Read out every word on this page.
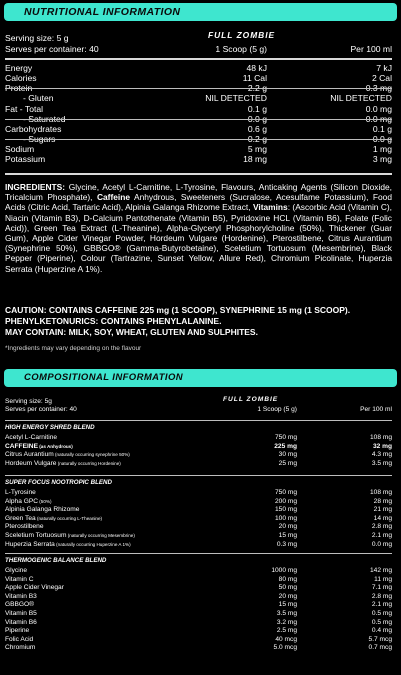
NUTRITIONAL INFORMATION
Serving size: 5 g	FULL ZOMBIE
Serves per container: 40	1 Scoop (5 g)	Per 100 ml
Energy	48 kJ	7 kJ
Calories	11 Cal	2 Cal
Protein	2.2 g	0.3 mg
- Gluten	NIL DETECTED	NIL DETECTED
Fat - Total	0.1 g	0.0 mg
- Saturated	0.0 g	0.0 mg
Carbohydrates	0.6 g	0.1 g
- Sugars	0.2 g	0.0 g
Sodium	5 mg	1 mg
Potassium	18 mg	3 mg
INGREDIENTS: Glycine, Acetyl L-Carnitine, L-Tyrosine, Flavours, Anticaking Agents (Silicon Dioxide, Tricalcium Phosphate), Caffeine Anhydrous, Sweeteners (Sucralose, Acesulfame Potassium), Food Acids (Citric Acid, Tartaric Acid), Alpinia Galanga Rhizome Extract, Vitamins: (Ascorbic Acid (Vitamin C), Niacin (Vitamin B3), D-Calcium Pantothenate (Vitamin B5), Pyridoxine HCL (Vitamin B6), Folate (Folic Acid)), Green Tea Extract (L-Theanine), Alpha-Glyceryl Phosphorylcholine (50%), Thickener (Guar Gum), Apple Cider Vinegar Powder, Hordeum Vulgare (Hordenine), Pterostilbene, Citrus Aurantium (Synephrine 50%), GBBGO® (Gamma-Butyrobetaine), Sceletium Tortuosum (Mesembrine), Black Pepper (Piperine), Colour (Tartrazine, Sunset Yellow, Allure Red), Chromium Picolinate, Huperzia Serrata (Huperzine A 1%).
CAUTION: CONTAINS CAFFEINE 225 mg (1 SCOOP), SYNEPHRINE 15 mg (1 SCOOP).
PHENYLKETONURICS: CONTAINS PHENYLALANINE.
MAY CONTAIN: MILK, SOY, WHEAT, GLUTEN AND SULPHITES.
*Ingredients may vary depending on the flavour
COMPOSITIONAL INFORMATION
Serving size: 5g	FULL ZOMBIE
Serves per container: 40	1 Scoop (5 g)	Per 100 ml
HIGH ENERGY SHRED BLEND
Acetyl L-Carnitine	750 mg	108 mg
CAFFEINE (as Anhydrous)	225 mg	32 mg
Citrus Aurantium (naturally occurring synephrine 50%)	30 mg	4.3 mg
Hordeum Vulgare (naturally occurring Hordenine)	25 mg	3.5 mg
SUPER FOCUS NOOTROPIC BLEND
L-Tyrosine	750 mg	108 mg
Alpha GPC (50%)	200 mg	28 mg
Alpinia Galanga Rhizome	150 mg	21 mg
Green Tea (naturally occurring L-Theanine)	100 mg	14 mg
Pterostilbene	20 mg	2.8 mg
Sceletium Tortuosum (naturally occurring Mesembrine)	15 mg	2.1 mg
Huperzia Serrata (naturally occurring Huperzine A 1%)	0.3 mg	0.0 mg
THERMOGENIC BALANCE BLEND
Glycine	1000 mg	142 mg
Vitamin C	80 mg	11 mg
Apple Cider Vinegar	50 mg	7.1 mg
Vitamin B3	20 mg	2.8 mg
GBBGO®	15 mg	2.1 mg
Vitamin B5	3.5 mg	0.5 mg
Vitamin B6	3.2 mg	0.5 mg
Piperine	2.5 mg	0.4 mg
Folic Acid	40 mcg	5.7 mcg
Chromium	5.0 mcg	0.7 mcg
